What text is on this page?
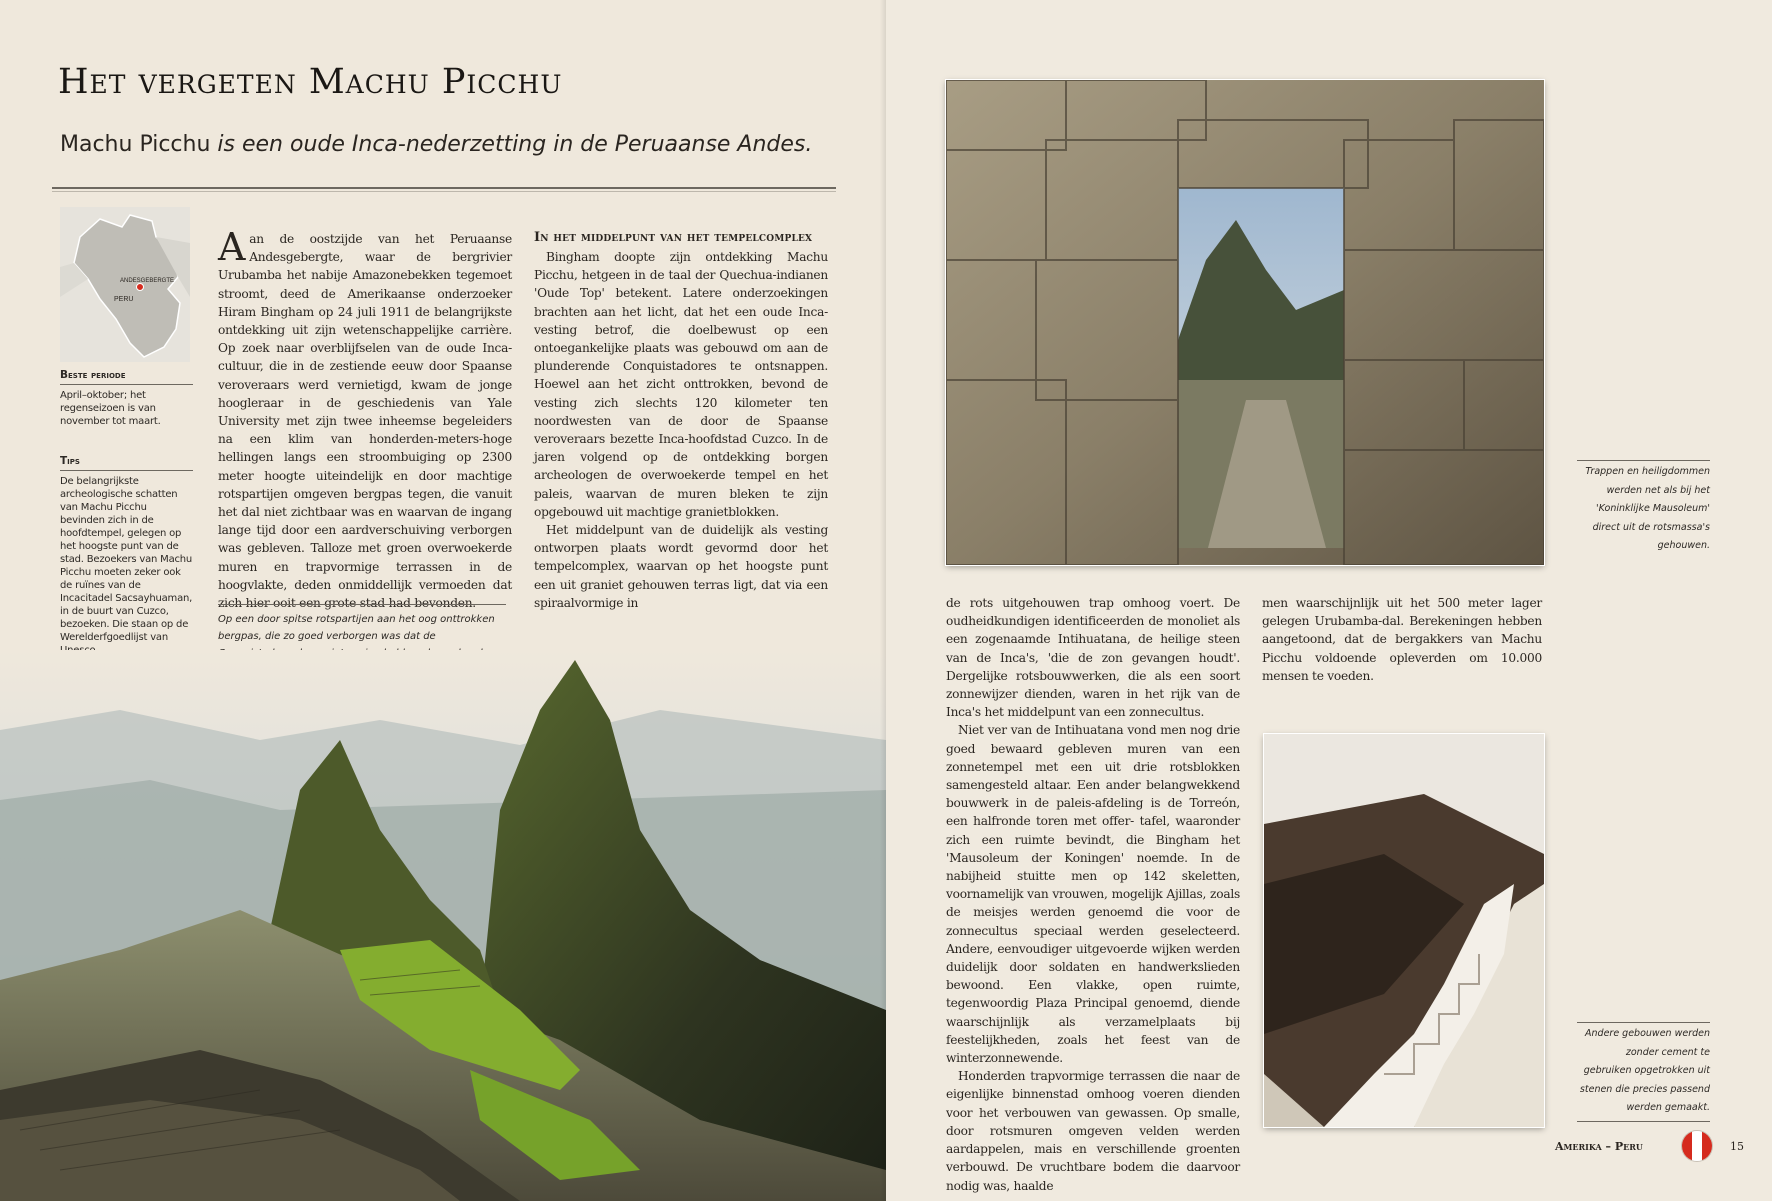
Het vergeten Machu Picchu

Machu Picchu is een oude Inca-nederzetting in de Peruaanse Andes.

ANDESGEBERGTE
PERU
Beste periode

April–oktober; het regenseizoen is van november tot maart.

Tips

De belangrijkste archeologische schatten van Machu Picchu bevinden zich in de hoofdtempel, gelegen op het hoogste punt van de stad. Bezoekers van Machu Picchu moeten zeker ook de ruïnes van de Incacitadel Sacsayhuaman, in de buurt van Cuzco, bezoeken. Die staan op de Werelderfgoedlijst van

Aan de oostzijde van het Peruaanse Andesgebergte, waar de bergrivier Urubamba het nabije Amazonebekken tegemoet stroomt, deed de Amerikaanse onderzoeker Hiram Bingham op 24 juli 1911 de belangrijkste ontdekking uit zijn wetenschappelijke carrière. Op zoek naar overblijfselen van de oude Inca-cultuur, die in de zestiende eeuw door Spaanse veroveraars werd vernietigd, kwam de jonge hoogleraar in de geschiedenis van Yale University met zijn twee inheemse begeleiders na een klim van honderden-meters-hoge hellingen langs een stroombuiging op 2300 meter hoogte uiteindelijk en door machtige rotspartijen omgeven bergpas tegen, die vanuit het dal niet zichtbaar was en waarvan de ingang lange tijd door een aardverschuiving verborgen was gebleven. Talloze met groen overwoekerde muren en trapvormige terrassen in de hoogvlakte, deden onmiddellijk vermoeden dat zich hier ooit een grote stad had bevonden.

In het middelpunt van het tempelcomplex

Bingham doopte zijn ontdekking Machu Picchu, hetgeen in de taal der Quechua-indianen 'Oude Top' betekent. Latere onderzoekingen brachten aan het licht, dat het een oude Inca-vesting betrof, die doelbewust op een ontoegankelijke plaats was gebouwd om aan de plunderende Conquistadores te ontsnappen. Hoewel aan het zicht onttrokken, bevond de vesting zich slechts 120 kilometer ten noordwesten van de door de Spaanse veroveraars bezette Inca-hoofdstad Cuzco. In de jaren volgend op de ontdekking borgen archeologen de overwoekerde tempel en het paleis, waarvan de muren bleken te zijn opgebouwd uit machtige granietblokken.

Het middelpunt van de duidelijk als vesting ontworpen plaats wordt gevormd door het tempelcomplex, waarvan op het hoogste punt een uit graniet gehouwen terras ligt, dat via een spiraalvormige in

Op een door spitse rotspartijen aan het oog onttrokken bergpas, die zo goed verborgen was dat de
Trappen en heiligdommen werden net als bij het 'Koninklijke Mausoleum' direct uit de rotsmassa's gehouwen.

de rots uitgehouwen trap omhoog voert. De oudheidkundigen identificeerden de monoliet als een zogenaamde Intihuatana, de heilige steen van de Inca's, 'die de zon gevangen houdt'. Dergelijke rotsbouwwerken, die als een soort zonnewijzer dienden, waren in het rijk van de Inca's het middelpunt van een zonnecultus.

Niet ver van de Intihuatana vond men nog drie goed bewaard gebleven muren van een zonnetempel met een uit drie rotsblokken samengesteld altaar. Een ander belangwekkend bouwwerk in de paleis-afdeling is de Torreón, een halfronde toren met offer- tafel, waaronder zich een ruimte bevindt, die Bingham het 'Mausoleum der Koningen' noemde. In de nabijheid stuitte men op 142 skeletten, voornamelijk van vrouwen, mogelijk Ajillas, zoals de meisjes werden genoemd die voor de zonnecultus speciaal werden geselecteerd. Andere, eenvoudiger uitgevoerde wijken werden duidelijk door soldaten en handwerkslieden bewoond. Een vlakke, open ruimte, tegenwoordig Plaza Principal genoemd, diende waarschijnlijk als verzamelplaats bij feestelijkheden, zoals het feest van de winterzonnewende.

Honderden trapvormige terrassen die naar de eigenlijke binnenstad omhoog voeren dienden voor het verbouwen van gewassen. Op smalle, door rotsmuren omgeven velden werden aardappelen, mais en verschillende groenten verbouwd. De vruchtbare bodem die daarvoor nodig was, haalde

men waarschijnlijk uit het 500 meter lager gelegen Urubamba-dal. Berekeningen hebben aangetoond, dat de bergakkers van Machu Picchu voldoende opleverden om 10.000 mensen te voeden.

Andere gebouwen werden zonder cement te gebruiken opgetrokken uit stenen die precies passend werden gemaakt.
Amerika – Peru	15
